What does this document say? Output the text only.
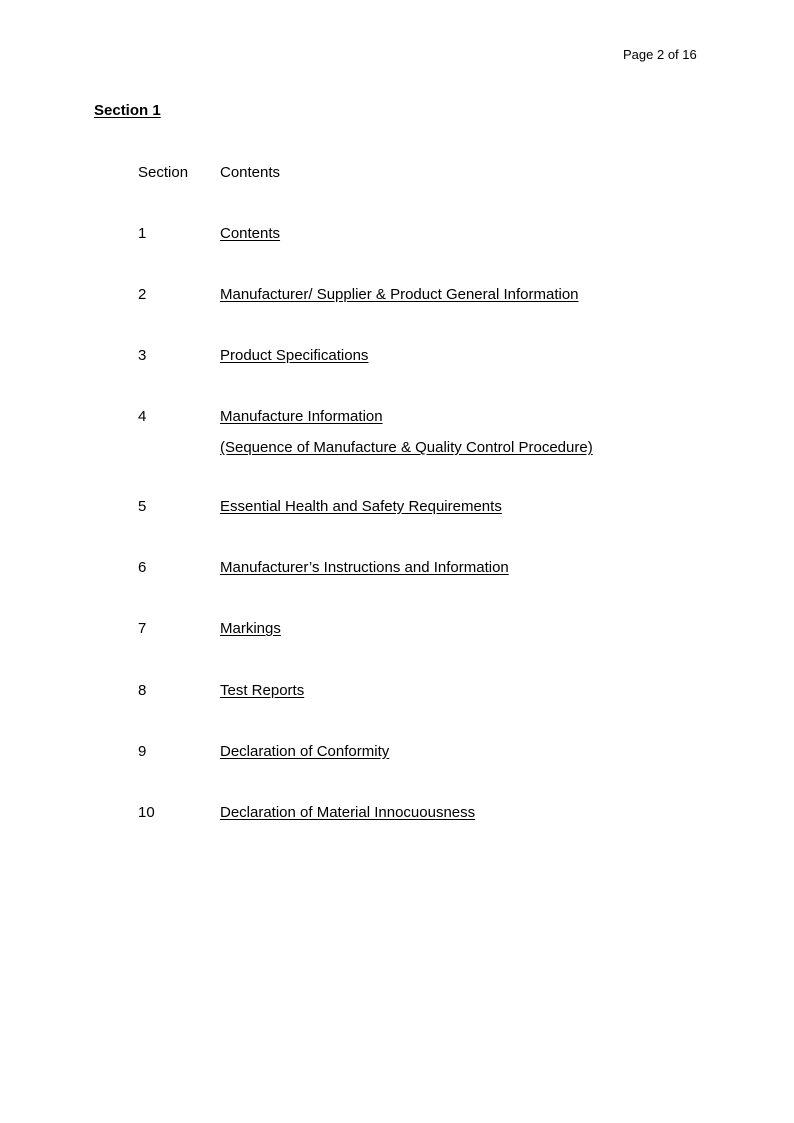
Page 2 of 16
Section 1
Section Contents
1	Contents
2	Manufacturer/ Supplier & Product General Information
3	Product Specifications
4	Manufacture Information
(Sequence of Manufacture & Quality Control Procedure)
5	Essential Health and Safety Requirements
6	Manufacturer’s Instructions and Information
7	Markings
8	Test Reports
9	Declaration of Conformity
10	Declaration of Material Innocuousness
